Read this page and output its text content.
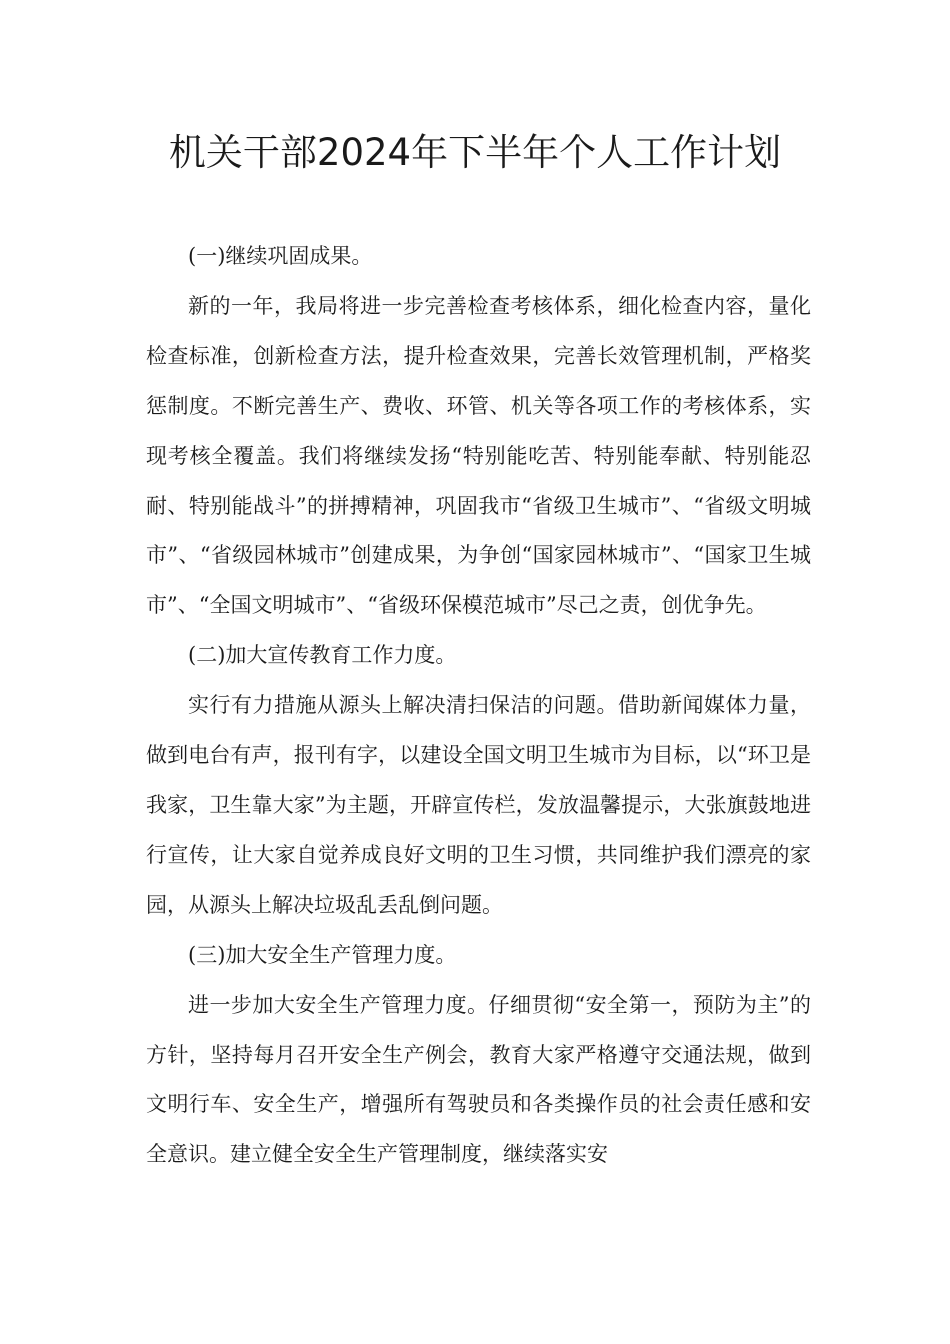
机关干部2024年下半年个人工作计划

(一)继续巩固成果。

新的一年，我局将进一步完善检查考核体系，细化检查内容，量化检查标准，创新检查方法，提升检查效果，完善长效管理机制，严格奖惩制度。不断完善生产、费收、环管、机关等各项工作的考核体系，实现考核全覆盖。我们将继续发扬“特别能吃苦、特别能奉献、特别能忍耐、特别能战斗”的拼搏精神，巩固我市“省级卫生城市”、“省级文明城市”、“省级园林城市”创建成果，为争创“国家园林城市”、“国家卫生城市”、“全国文明城市”、“省级环保模范城市”尽己之责，创优争先。

(二)加大宣传教育工作力度。

实行有力措施从源头上解决清扫保洁的问题。借助新闻媒体力量，做到电台有声，报刊有字，以建设全国文明卫生城市为目标，以“环卫是我家，卫生靠大家”为主题，开辟宣传栏，发放温馨提示，大张旗鼓地进行宣传，让大家自觉养成良好文明的卫生习惯，共同维护我们漂亮的家园，从源头上解决垃圾乱丢乱倒问题。

(三)加大安全生产管理力度。

进一步加大安全生产管理力度。仔细贯彻“安全第一，预防为主”的方针，坚持每月召开安全生产例会，教育大家严格遵守交通法规，做到文明行车、安全生产，增强所有驾驶员和各类操作员的社会责任感和安全意识。建立健全安全生产管理制度，继续落实安
